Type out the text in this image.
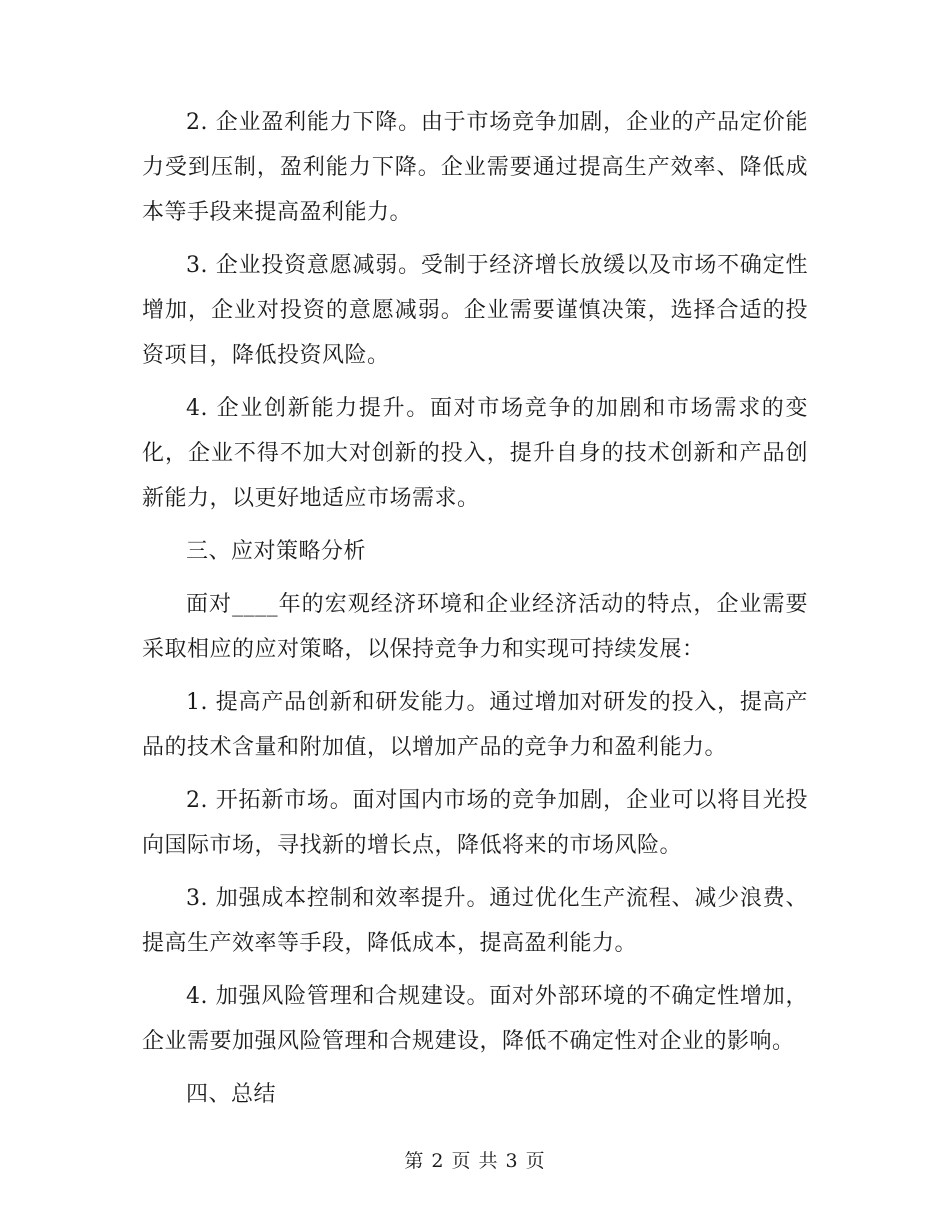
2. 企业盈利能力下降。由于市场竞争加剧，企业的产品定价能力受到压制，盈利能力下降。企业需要通过提高生产效率、降低成本等手段来提高盈利能力。

3. 企业投资意愿减弱。受制于经济增长放缓以及市场不确定性增加，企业对投资的意愿减弱。企业需要谨慎决策，选择合适的投资项目，降低投资风险。

4. 企业创新能力提升。面对市场竞争的加剧和市场需求的变化，企业不得不加大对创新的投入，提升自身的技术创新和产品创新能力，以更好地适应市场需求。

三、应对策略分析

面对____年的宏观经济环境和企业经济活动的特点，企业需要采取相应的应对策略，以保持竞争力和实现可持续发展：

1. 提高产品创新和研发能力。通过增加对研发的投入，提高产品的技术含量和附加值，以增加产品的竞争力和盈利能力。

2. 开拓新市场。面对国内市场的竞争加剧，企业可以将目光投向国际市场，寻找新的增长点，降低将来的市场风险。

3. 加强成本控制和效率提升。通过优化生产流程、减少浪费、提高生产效率等手段，降低成本，提高盈利能力。

4. 加强风险管理和合规建设。面对外部环境的不确定性增加，企业需要加强风险管理和合规建设，降低不确定性对企业的影响。

四、总结

第 2 页 共 3 页
